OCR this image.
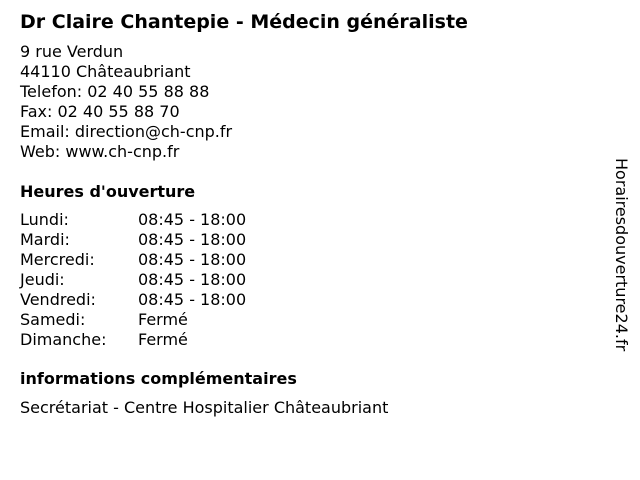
Dr Claire Chantepie - Médecin généraliste
9 rue Verdun
44110 Châteaubriant
Telefon: 02 40 55 88 88
Fax: 02 40 55 88 70
Email: direction@ch-cnp.fr
Web: www.ch-cnp.fr
Heures d'ouverture
Lundi:	08:45 - 18:00
Mardi:	08:45 - 18:00
Mercredi:	08:45 - 18:00
Jeudi:	08:45 - 18:00
Vendredi:	08:45 - 18:00
Samedi:	Fermé
Dimanche:	Fermé
informations complémentaires
Secrétariat - Centre Hospitalier Châteaubriant
Horairesdouverture24.fr
